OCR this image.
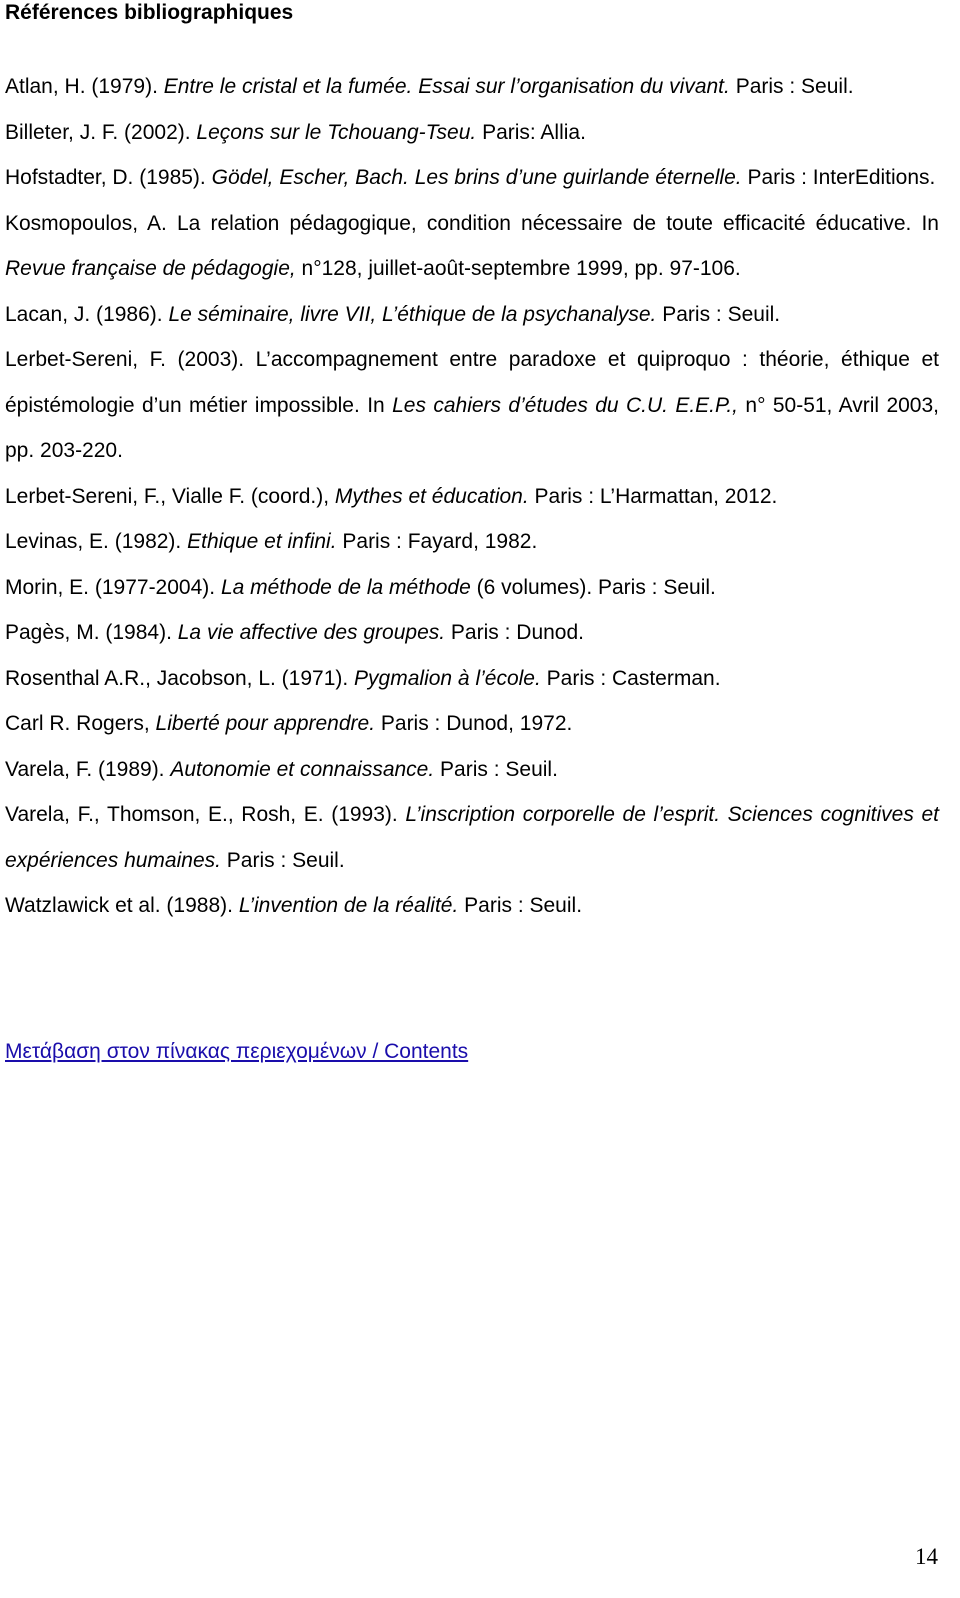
Références bibliographiques

Atlan, H. (1979). Entre le cristal et la fumée. Essai sur l’organisation du vivant. Paris : Seuil.

Billeter, J. F. (2002). Leçons sur le Tchouang-Tseu. Paris: Allia.

Hofstadter, D. (1985). Gödel, Escher, Bach. Les brins d’une guirlande éternelle. Paris : InterEditions.

Kosmopoulos, A. La relation pédagogique, condition nécessaire de toute efficacité éducative. In Revue française de pédagogie, n°128, juillet-août-septembre 1999, pp. 97-106.

Lacan, J. (1986). Le séminaire, livre VII, L’éthique de la psychanalyse. Paris : Seuil.

Lerbet-Sereni, F. (2003). L’accompagnement entre paradoxe et quiproquo : théorie, éthique et épistémologie d’un métier impossible. In Les cahiers d’études du C.U. E.E.P., n° 50-51, Avril 2003, pp. 203-220.

Lerbet-Sereni, F., Vialle F. (coord.), Mythes et éducation. Paris : L’Harmattan, 2012.

Levinas, E. (1982). Ethique et infini. Paris : Fayard, 1982.

Morin, E. (1977-2004). La méthode de la méthode (6 volumes). Paris : Seuil.

Pagès, M. (1984). La vie affective des groupes. Paris : Dunod.

Rosenthal A.R., Jacobson, L. (1971). Pygmalion à l’école. Paris : Casterman.

Carl R. Rogers, Liberté pour apprendre. Paris : Dunod, 1972.

Varela, F. (1989). Autonomie et connaissance. Paris : Seuil.

Varela, F., Thomson, E., Rosh, E. (1993). L’inscription corporelle de l’esprit. Sciences cognitives et expériences humaines. Paris : Seuil.

Watzlawick et al. (1988). L’invention de la réalité. Paris : Seuil.

Μετάβαση στον πίνακας περιεχομένων / Contents
14
